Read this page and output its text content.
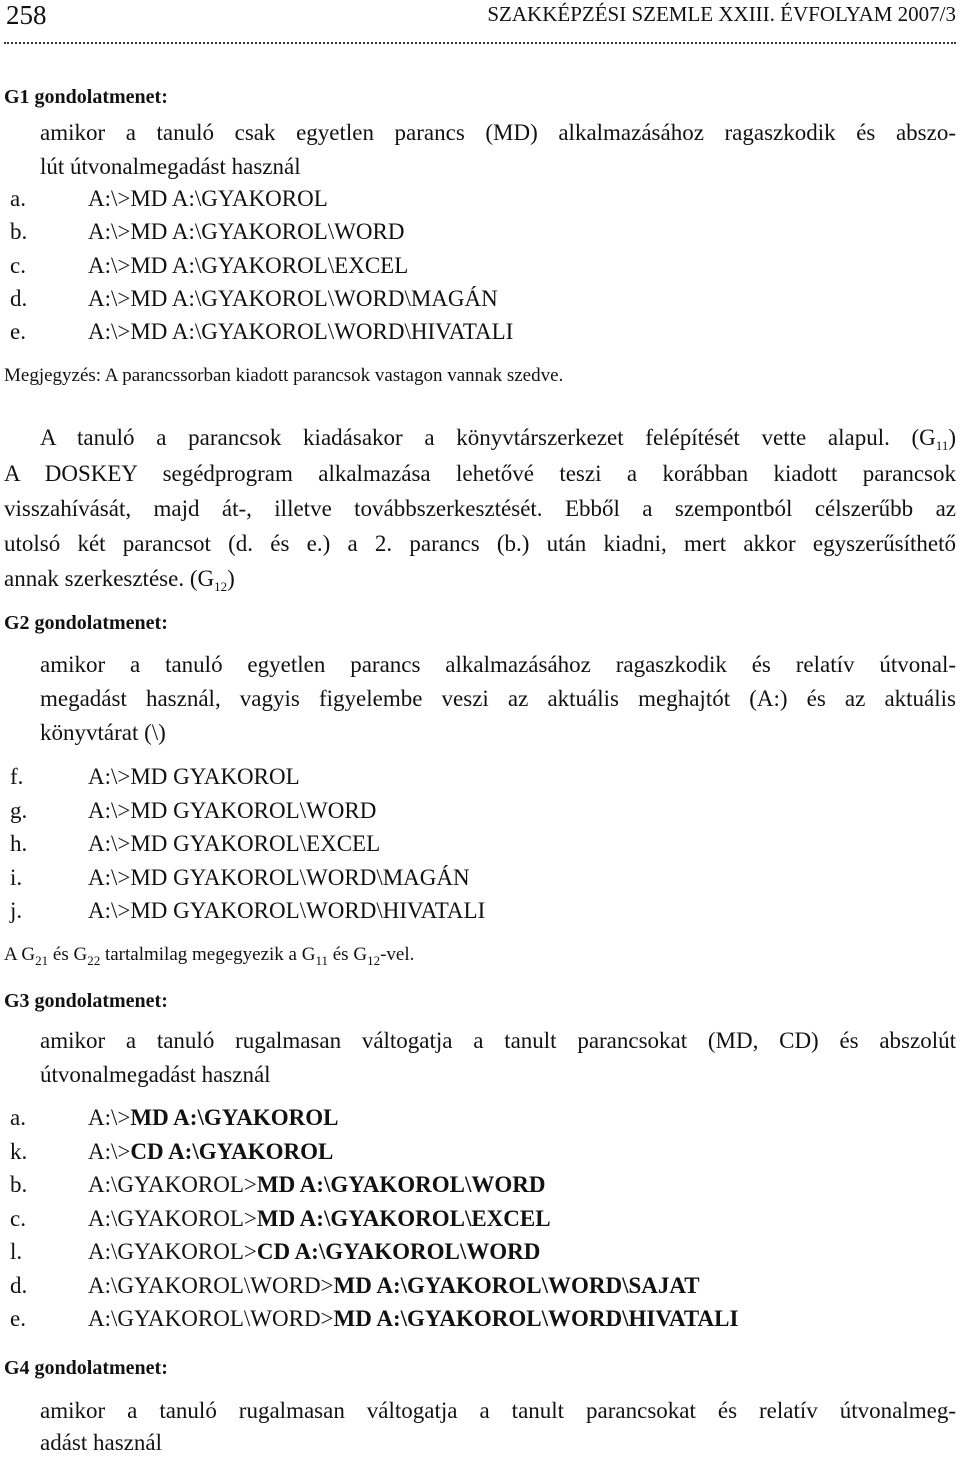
258	SZAKKÉPZÉSI SZEMLE XXIII. ÉVFOLYAM 2007/3
G1 gondolatmenet:
amikor a tanuló csak egyetlen parancs (MD) alkalmazásához ragaszkodik és abszo-
lút útvonalmegadást használ
a.	A:\>MD A:\GYAKOROL
b.	A:\>MD A:\GYAKOROL\WORD
c.	A:\>MD A:\GYAKOROL\EXCEL
d.	A:\>MD A:\GYAKOROL\WORD\MAGÁN
e.	A:\>MD A:\GYAKOROL\WORD\HIVATALI
Megjegyzés: A parancssorban kiadott parancsok vastagon vannak szedve.
A tanuló a parancsok kiadásakor a könyvtárszerkezet felépítését vette alapul. $(G_{11})$
A DOSKEY segédprogram alkalmazása lehetővé teszi a korábban kiadott parancsok
visszahívását, majd át-, illetve továbbszerkesztését. Ebből a szempontból célszerűbb az
utolsó két parancsot (d. és e.) a 2. parancs (b.) után kiadni, mert akkor egyszerűsíthető
annak szerkesztése. $(G_{12})$
G2 gondolatmenet:
amikor a tanuló egyetlen parancs alkalmazásához ragaszkodik és relatív útvonal-
megadást használ, vagyis figyelembe veszi az aktuális meghajtót (A:) és az aktuális
könyvtárat (\)
f.	A:\>MD GYAKOROL
g.	A:\>MD GYAKOROL\WORD
h.	A:\>MD GYAKOROL\EXCEL
i.	A:\>MD GYAKOROL\WORD\MAGÁN
j.	A:\>MD GYAKOROL\WORD\HIVATALI
A $G_{21}$ és $G_{22}$ tartalmilag megegyezik a $G_{11}$ és $G_{12}$-vel.
G3 gondolatmenet:
amikor a tanuló rugalmasan váltogatja a tanult parancsokat (MD, CD) és abszolút
útvonalmegadást használ
a.	A:\>MD A:\GYAKOROL
k.	A:\>CD A:\GYAKOROL
b.	A:\GYAKOROL>MD A:\GYAKOROL\WORD
c.	A:\GYAKOROL>MD A:\GYAKOROL\EXCEL
l.	A:\GYAKOROL>CD A:\GYAKOROL\WORD
d.	A:\GYAKOROL\WORD>MD A:\GYAKOROL\WORD\SAJAT
e.	A:\GYAKOROL\WORD>MD A:\GYAKOROL\WORD\HIVATALI
G4 gondolatmenet:
amikor a tanuló rugalmasan váltogatja a tanult parancsokat és relatív útvonalmeg-
adást használ
